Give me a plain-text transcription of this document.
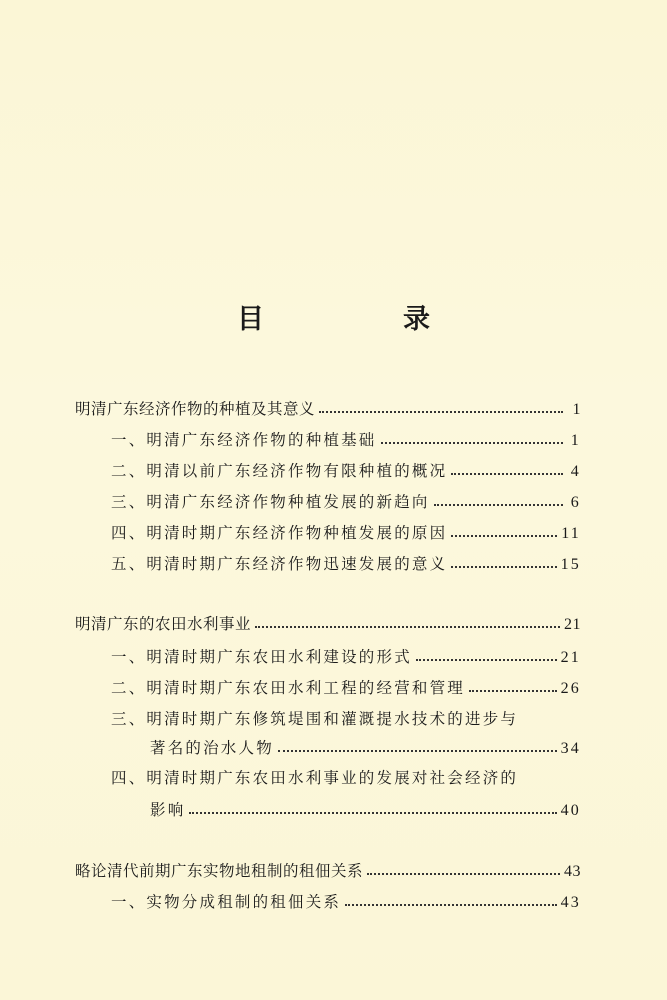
目　录
明清广东经济作物的种植及其意义	1
一、明清广东经济作物的种植基础	1
二、明清以前广东经济作物有限种植的概况	4
三、明清广东经济作物种植发展的新趋向	6
四、明清时期广东经济作物种植发展的原因	11
五、明清时期广东经济作物迅速发展的意义	15
明清广东的农田水利事业	21
一、明清时期广东农田水利建设的形式	21
二、明清时期广东农田水利工程的经营和管理	26
三、明清时期广东修筑堤围和灌溉提水技术的进步与
著名的治水人物	34
四、明清时期广东农田水利事业的发展对社会经济的
影响	40
略论清代前期广东实物地租制的租佃关系	43
一、实物分成租制的租佃关系	43
